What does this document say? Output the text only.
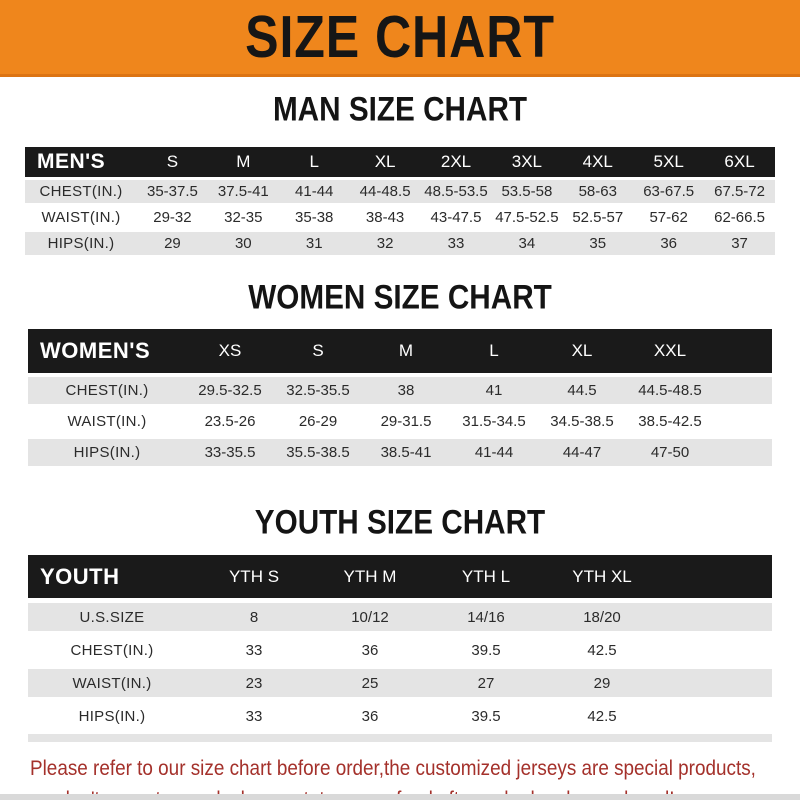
SIZE CHART
MAN SIZE CHART
MEN'S	S	M	L	XL	2XL	3XL	4XL	5XL	6XL
CHEST(IN.)	35-37.5	37.5-41	41-44	44-48.5 48.5-53.5 53.5-58	58-63	63-67.5	67.5-72
WAIST(IN.)	29-32	32-35	35-38	38-43	43-47.5 47.5-52.5 52.5-57	57-62	62-66.5
HIPS(IN.)	29	30	31	32	33	34	35	36	37
WOMEN SIZE CHART
WOMEN'S	XS	S	M	L	XL	XXL
CHEST(IN.)	29.5-32.5	32.5-35.5	38	41	44.5	44.5-48.5
WAIST(IN.)	23.5-26	26-29	29-31.5	31.5-34.5	34.5-38.5	38.5-42.5
HIPS(IN.)	33-35.5	35.5-38.5	38.5-41	41-44	44-47	47-50
YOUTH SIZE CHART
YOUTH	YTH S	YTH M	YTH L	YTH XL
U.S.SIZE	8	10/12	14/16	18/20
CHEST(IN.)	33	36	39.5	42.5
WAIST(IN.)	23	25	27	29
HIPS(IN.)	33	36	39.5	42.5
Please refer to our size chart before order,the customized jerseys are special products,
